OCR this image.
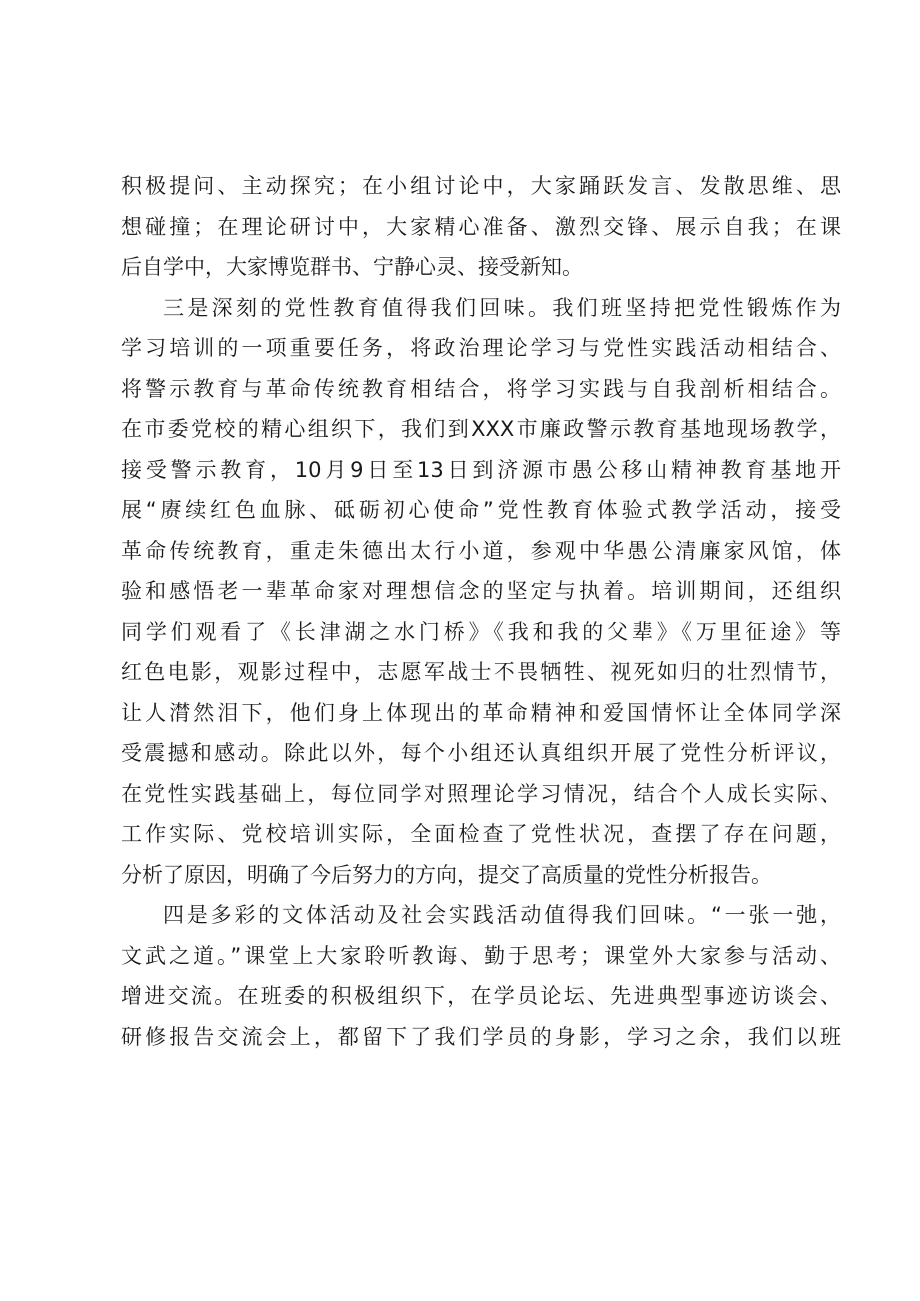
积极提问、主动探究；在小组讨论中，大家踊跃发言、发散思维、思
想碰撞；在理论研讨中，大家精心准备、激烈交锋、展示自我；在课
后自学中，大家博览群书、宁静心灵、接受新知。
三是深刻的党性教育值得我们回味。我们班坚持把党性锻炼作为
学习培训的一项重要任务，将政治理论学习与党性实践活动相结合、
将警示教育与革命传统教育相结合，将学习实践与自我剖析相结合。
在市委党校的精心组织下，我们到XXX市廉政警示教育基地现场教学，
接受警示教育，10月9日至13日到济源市愚公移山精神教育基地开
展“赓续红色血脉、砥砺初心使命”党性教育体验式教学活动，接受
革命传统教育，重走朱德出太行小道，参观中华愚公清廉家风馆，体
验和感悟老一辈革命家对理想信念的坚定与执着。培训期间，还组织
同学们观看了《长津湖之水门桥》《我和我的父辈》《万里征途》等
红色电影，观影过程中，志愿军战士不畏牺牲、视死如归的壮烈情节，
让人潸然泪下，他们身上体现出的革命精神和爱国情怀让全体同学深
受震撼和感动。除此以外，每个小组还认真组织开展了党性分析评议，
在党性实践基础上，每位同学对照理论学习情况，结合个人成长实际、
工作实际、党校培训实际，全面检查了党性状况，查摆了存在问题，
分析了原因，明确了今后努力的方向，提交了高质量的党性分析报告。
四是多彩的文体活动及社会实践活动值得我们回味。“一张一弛，
文武之道。”课堂上大家聆听教诲、勤于思考；课堂外大家参与活动、
增进交流。在班委的积极组织下，在学员论坛、先进典型事迹访谈会、
研修报告交流会上，都留下了我们学员的身影，学习之余，我们以班
